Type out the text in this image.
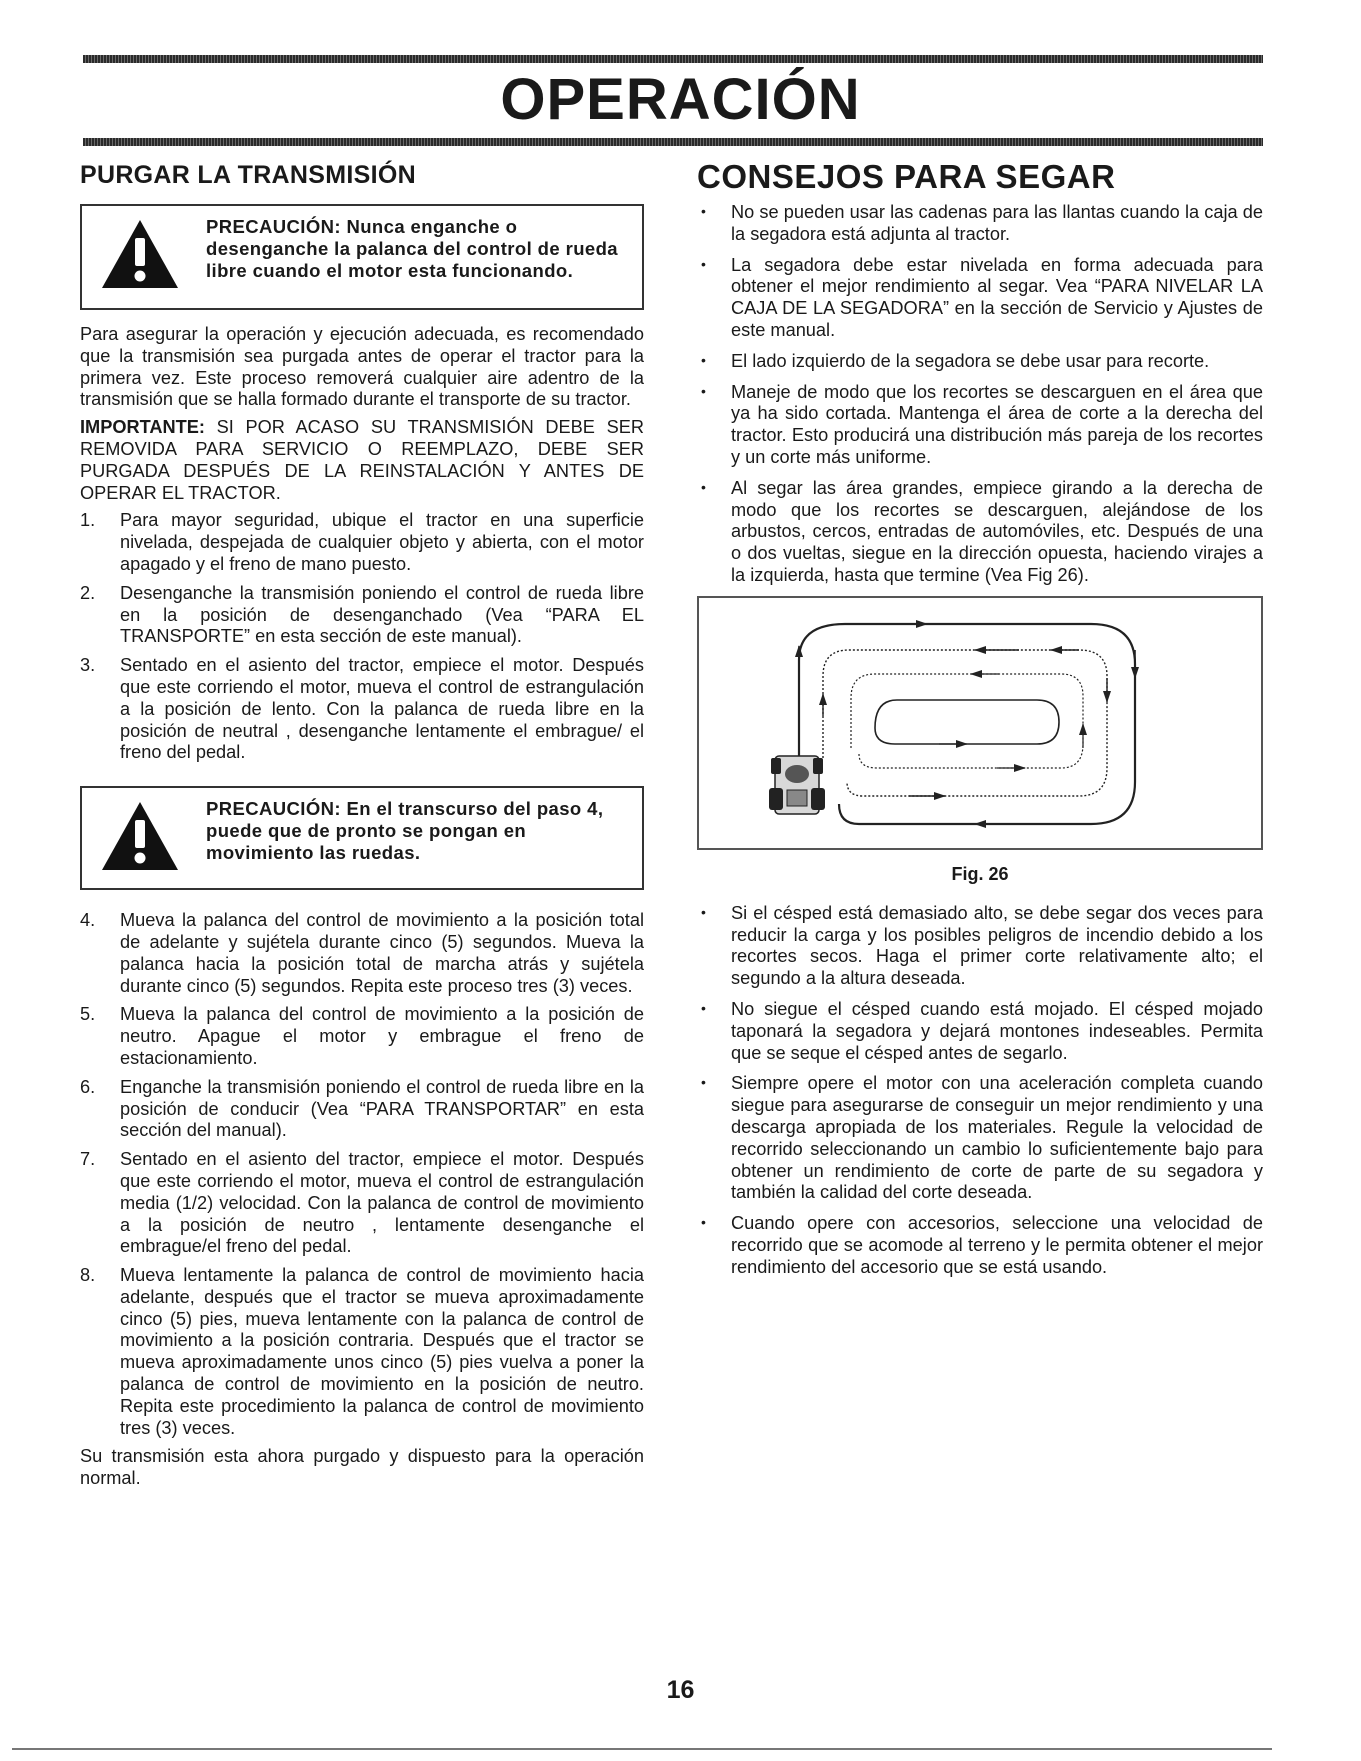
OPERACIÓN
PURGAR LA TRANSMISIÓN
PRECAUCIÓN: Nunca enganche o desenganche la palanca del control de rueda libre cuando el motor esta funcionando.

Para asegurar la operación y ejecución adecuada, es recomendado que la transmisión sea purgada antes de operar el tractor para la primera vez. Este proceso removerá cualquier aire adentro de la transmisión que se halla formado durante el transporte de su tractor.

IMPORTANTE: SI POR ACASO SU TRANSMISIÓN DEBE SER REMOVIDA PARA SERVICIO O REEMPLAZO, DEBE SER PURGADA DESPUÉS DE LA REINSTALACIÓN Y ANTES DE OPERAR EL TRACTOR.

1. Para mayor seguridad, ubique el tractor en una superficie nivelada, despejada de cualquier objeto y abierta, con el motor apagado y el freno de mano puesto.
2. Desenganche la transmisión poniendo el control de rueda libre en la posición de desenganchado (Vea “PARA EL TRANSPORTE” en esta sección de este manual).
3. Sentado en el asiento del tractor, empiece el motor. Después que este corriendo el motor, mueva el control de estrangulación a la posición de lento. Con la palanca de rueda libre en la posición de neutral , desenganche lentamente el embrague/ el freno del pedal.
PRECAUCIÓN: En el transcurso del paso 4, puede que de pronto se pongan en movimiento las ruedas.
4. Mueva la palanca del control de movimiento a la posición total de adelante y sujétela durante cinco (5) segundos. Mueva la palanca hacia la posición total de marcha atrás y sujétela durante cinco (5) segundos. Repita este proceso tres (3) veces.
5. Mueva la palanca del control de movimiento a la posición de neutro. Apague el motor y embrague el freno de estacionamiento.
6. Enganche la transmisión poniendo el control de rueda libre en la posición de conducir (Vea “PARA TRANSPORTAR” en esta sección del manual).
7. Sentado en el asiento del tractor, empiece el motor. Después que este corriendo el motor, mueva el control de estrangulación media (1/2) velocidad. Con la palanca de control de movimiento a la posición de neutro , lentamente desenganche el embrague/el freno del pedal.
8. Mueva lentamente la palanca de control de movimiento hacia adelante, después que el tractor se mueva aproximadamente cinco (5) pies, mueva lentamente con la palanca de control de movimiento a la posición contraria. Después que el tractor se mueva aproximadamente unos cinco (5) pies vuelva a poner la palanca de control de movimiento en la posición de neutro. Repita este procedimiento la palanca de control de movimiento tres (3) veces.

Su transmisión esta ahora purgado y dispuesto para la operación normal.

CONSEJOS PARA SEGAR
• No se pueden usar las cadenas para las llantas cuando la caja de la segadora está adjunta al tractor.
• La segadora debe estar nivelada en forma adecuada para obtener el mejor rendimiento al segar. Vea “PARA NIVELAR LA CAJA DE LA SEGADORA” en la sección de Servicio y Ajustes de este manual.
• El lado izquierdo de la segadora se debe usar para recorte.
• Maneje de modo que los recortes se descarguen en el área que ya ha sido cortada. Mantenga el área de corte a la derecha del tractor. Esto producirá una distribución más pareja de los recortes y un corte más uniforme.
• Al segar las área grandes, empiece girando a la derecha de modo que los recortes se descarguen, alejándose de los arbustos, cercos, entradas de automóviles, etc. Después de una o dos vueltas, siegue en la dirección opuesta, haciendo virajes a la izquierda, hasta que termine (Vea Fig 26).
Fig. 26
• Si el césped está demasiado alto, se debe segar dos veces para reducir la carga y los posibles peligros de incendio debido a los recortes secos. Haga el primer corte relativamente alto; el segundo a la altura deseada.
• No siegue el césped cuando está mojado. El césped mojado taponará la segadora y dejará montones indeseables. Permita que se seque el césped antes de segarlo.
• Siempre opere el motor con una aceleración completa cuando siegue para asegurarse de conseguir un mejor rendimiento y una descarga apropiada de los materiales. Regule la velocidad de recorrido seleccionando un cambio lo suficientemente bajo para obtener un rendimiento de corte de parte de su segadora y también la calidad del corte deseada.
• Cuando opere con accesorios, seleccione una velocidad de recorrido que se acomode al terreno y le permita obtener el mejor rendimiento del accesorio que se está usando.
16
